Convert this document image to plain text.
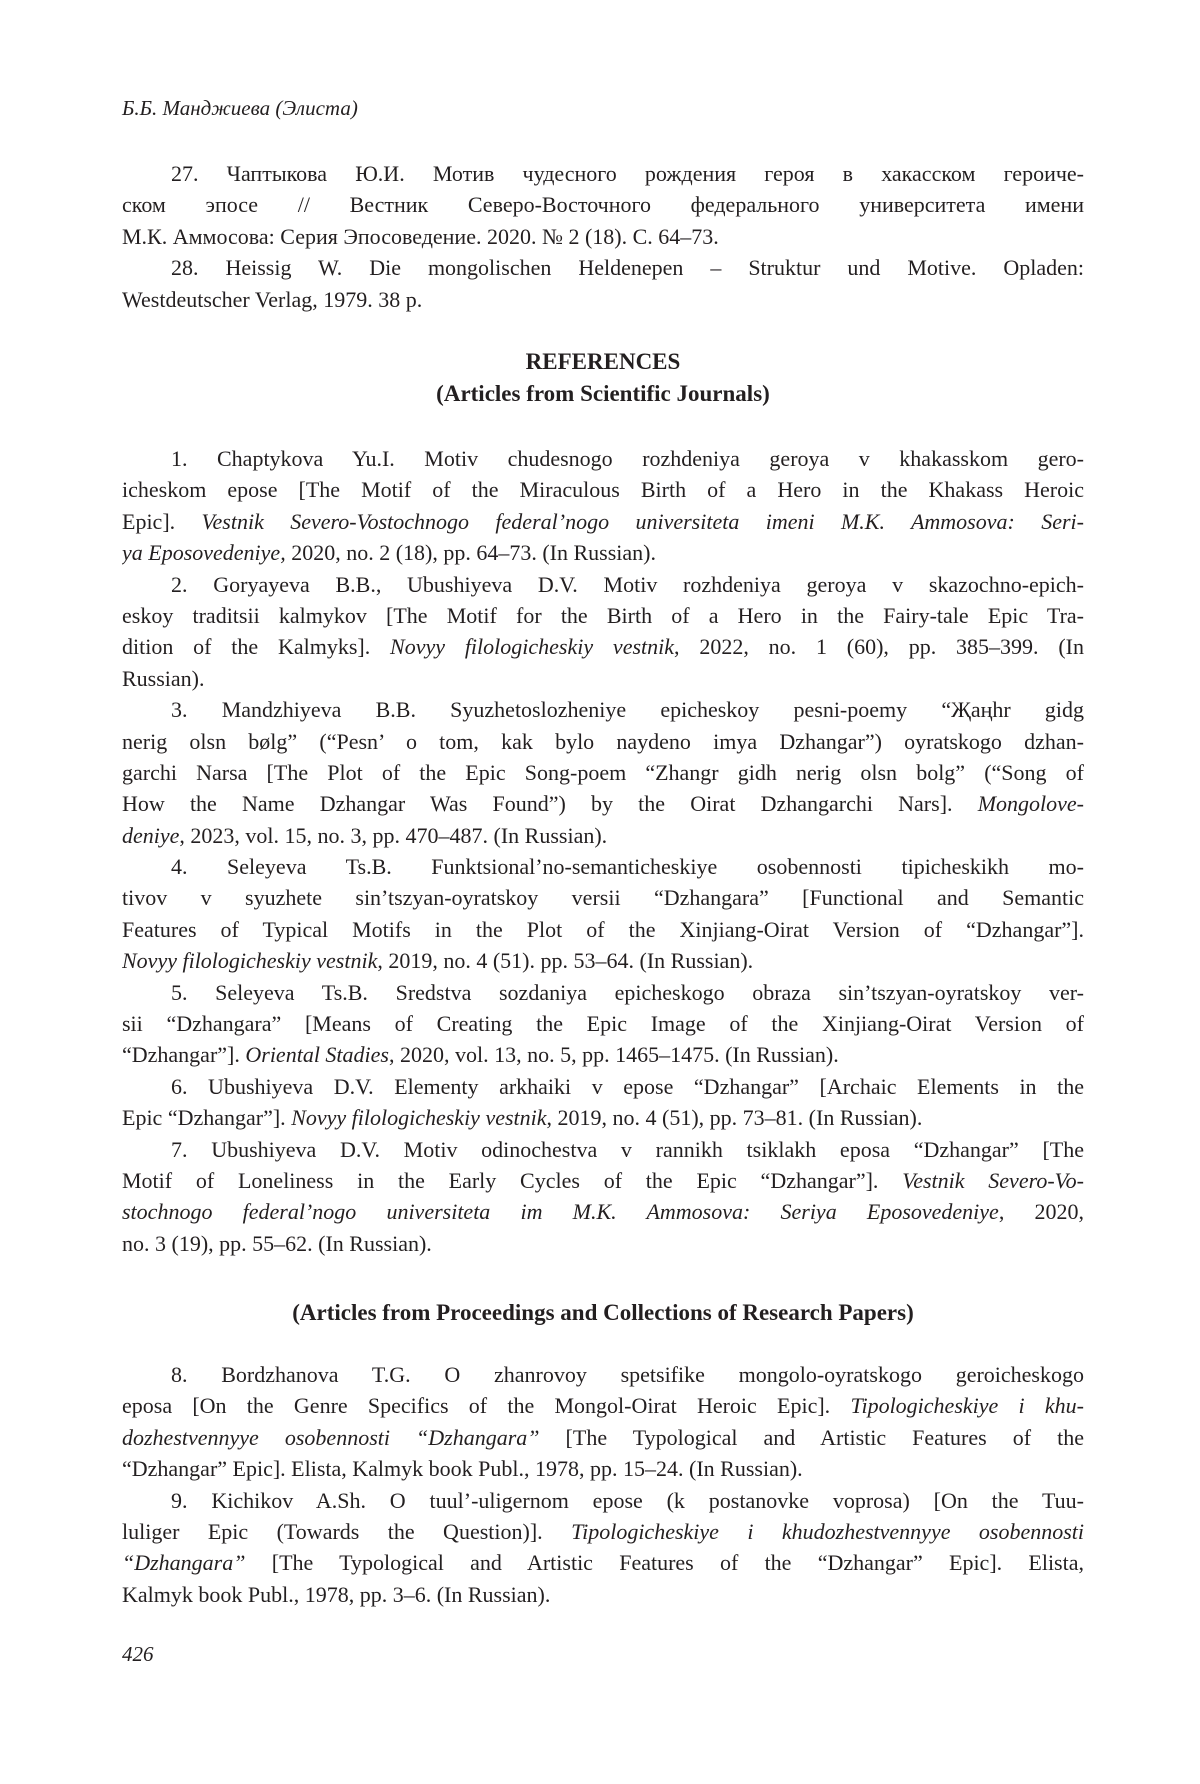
Б.Б. Манджиева (Элиста)
27. Чаптыкова Ю.И. Мотив чудесного рождения героя в хакасском героиче-
ском эпосе // Вестник Северо-Восточного федерального университета имени
М.К. Аммосова: Серия Эпосоведение. 2020. № 2 (18). С. 64–73.
28. Heissig W. Die mongolischen Heldenepen – Struktur und Motive. Opladen:
Westdeutscher Verlag, 1979. 38 p.
REFERENCES
(Articles from Scientific Journals)
1. Chaptykova Yu.I. Motiv chudesnogo rozhdeniya geroya v khakasskom gero-
icheskom epose [The Motif of the Miraculous Birth of a Hero in the Khakass Heroic
Epic]. Vestnik Severo-Vostochnogo federal’nogo universiteta imeni M.K. Ammosova: Seri-
ya Eposovedeniye, 2020, no. 2 (18), pp. 64–73. (In Russian).
2. Goryayeva B.B., Ubushiyeva D.V. Motiv rozhdeniya geroya v skazochno-epich-
eskoy traditsii kalmykov [The Motif for the Birth of a Hero in the Fairy-tale Epic Tra-
dition of the Kalmyks]. Novyy filologicheskiy vestnik, 2022, no. 1 (60), pp. 385–399. (In
Russian).
3. Mandzhiyeva B.B. Syuzhetoslozheniye epicheskoy pesni-poemy “Җаңһr gidg
nerig olsn bølg” (“Pesn’ o tom, kak bylo naydeno imya Dzhangar”) oyratskogo dzhan-
garchi Narsa [The Plot of the Epic Song-poem “Zhangr gidh nerig olsn bolg” (“Song of
How the Name Dzhangar Was Found”) by the Oirat Dzhangarchi Nars]. Mongolove-
deniye, 2023, vol. 15, no. 3, pp. 470–487. (In Russian).
4. Seleyeva Ts.B. Funktsional’no-semanticheskiye osobennosti tipicheskikh mo-
tivov v syuzhete sin’tszyan-oyratskoy versii “Dzhangara” [Functional and Semantic
Features of Typical Motifs in the Plot of the Xinjiang-Oirat Version of “Dzhangar”].
Novyy filologicheskiy vestnik, 2019, no. 4 (51). pp. 53–64. (In Russian).
5. Seleyeva Ts.B. Sredstva sozdaniya epicheskogo obraza sin’tszyan-oyratskoy ver-
sii “Dzhangara” [Means of Creating the Epic Image of the Xinjiang-Oirat Version of
“Dzhangar”]. Oriental Stadies, 2020, vol. 13, no. 5, pp. 1465–1475. (In Russian).
6. Ubushiyeva D.V. Elementy arkhaiki v epose “Dzhangar” [Archaic Elements in the
Epic “Dzhangar”]. Novyy filologicheskiy vestnik, 2019, no. 4 (51), pp. 73–81. (In Russian).
7. Ubushiyeva D.V. Motiv odinochestva v rannikh tsiklakh eposa “Dzhangar” [The
Motif of Loneliness in the Early Cycles of the Epic “Dzhangar”]. Vestnik Severo-Vo-
stochnogo federal’nogo universiteta im M.K. Ammosova: Seriya Eposovedeniye, 2020,
no. 3 (19), pp. 55–62. (In Russian).
(Articles from Proceedings and Collections of Research Papers)
8. Bordzhanova T.G. O zhanrovoy spetsifike mongolo-oyratskogo geroicheskogo
eposa [On the Genre Specifics of the Mongol-Oirat Heroic Epic]. Tipologicheskiye i khu-
dozhestvennyye osobennosti “Dzhangara” [The Typological and Artistic Features of the
“Dzhangar” Epic]. Elista, Kalmyk book Publ., 1978, pp. 15–24. (In Russian).
9. Kichikov A.Sh. O tuul’-uligernom epose (k postanovke voprosa) [On the Tuu-
luliger Epic (Towards the Question)]. Tipologicheskiye i khudozhestvennyye osobennosti
“Dzhangara” [The Typological and Artistic Features of the “Dzhangar” Epic]. Elista,
Kalmyk book Publ., 1978, pp. 3–6. (In Russian).
426
